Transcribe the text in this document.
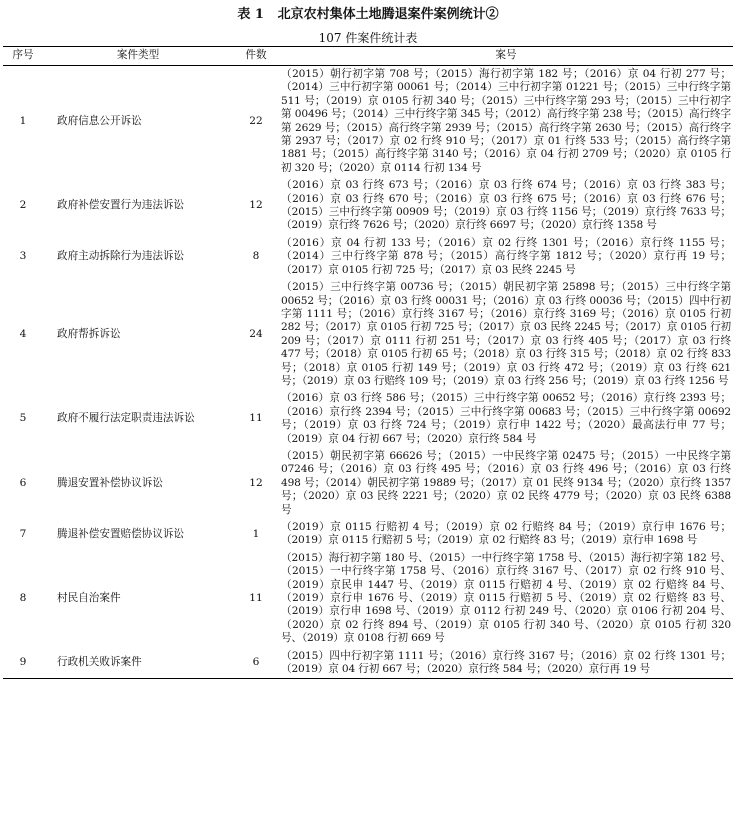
表 1 北京农村集体土地腾退案件案例统计②
107 件案件统计表
序号	案件类型	件数	案号
1	政府信息公开诉讼	22	（2015）朝行初字第 708 号；（2015）海行初字第 182 号；（2016）京 04 行初 277 号；（2014）三中行初字第 00061 号；（2014）三中行初字第 01221 号；（2015）三中行终字第 511 号；（2019）京 0105 行初 340 号；（2015）三中行终字第 293 号；（2015）三中行初字第 00496 号；（2014）三中行终字第 345 号；（2012）高行终字第 238 号；（2015）高行终字第 2629 号；（2015）高行终字第 2939 号；（2015）高行终字第 2630 号；（2015）高行终字第 2937 号；（2017）京 02 行终 910 号；（2017）京 01 行终 533 号；（2015）高行终字第 1881 号；（2015）高行终字第 3140 号；（2016）京 04 行初 2709 号；（2020）京 0105 行初 320 号；（2020）京 0114 行初 134 号
2	政府补偿安置行为违法诉讼	12	（2016）京 03 行终 673 号；（2016）京 03 行终 674 号；（2016）京 03 行终 383 号；（2016）京 03 行终 670 号；（2016）京 03 行终 675 号；（2016）京 03 行终 676 号；（2015）三中行终字第 00909 号；（2019）京 03 行终 1156 号；（2019）京行终 7633 号；（2019）京行终 7626 号；（2020）京行终 6697 号；（2020）京行终 1358 号
3	政府主动拆除行为违法诉讼	8	（2016）京 04 行初 133 号；（2016）京 02 行终 1301 号；（2016）京行终 1155 号；（2014）三中行终字第 878 号；（2015）高行终字第 1812 号；（2020）京行再 19 号；（2017）京 0105 行初 725 号；（2017）京 03 民终 2245 号
4	政府帮拆诉讼	24	（2015）三中行终字第 00736 号；（2015）朝民初字第 25898 号；（2015）三中行终字第 00652 号；（2016）京 03 行终 00031 号；（2016）京 03 行终 00036 号；（2015）四中行初字第 1111 号；（2016）京行终 3167 号；（2016）京行终 3169 号；（2016）京 0105 行初 282 号；（2017）京 0105 行初 725 号；（2017）京 03 民终 2245 号；（2017）京 0105 行初 209 号；（2017）京 0111 行初 251 号；（2017）京 03 行终 405 号；（2017）京 03 行终 477 号；（2018）京 0105 行初 65 号；（2018）京 03 行终 315 号；（2018）京 02 行终 833 号；（2018）京 0105 行初 149 号；（2019）京 03 行终 472 号；（2019）京 03 行终 621 号；（2019）京 03 行赔终 109 号；（2019）京 03 行终 256 号；（2019）京 03 行终 1256 号
5	政府不履行法定职责违法诉讼	11	（2016）京 03 行终 586 号；（2015）三中行终字第 00652 号；（2016）京行终 2393 号；（2016）京行终 2394 号；（2015）三中行终字第 00683 号；（2015）三中行终字第 00692 号；（2019）京 03 行终 724 号；（2019）京行申 1422 号；（2020）最高法行申 77 号；（2019）京 04 行初 667 号；（2020）京行终 584 号
6	腾退安置补偿协议诉讼	12	（2015）朝民初字第 66626 号；（2015）一中民终字第 02475 号；（2015）一中民终字第 07246 号；（2016）京 03 行终 495 号；（2016）京 03 行终 496 号；（2016）京 03 行终 498 号；（2014）朝民初字第 19889 号；（2017）京 01 民终 9134 号；（2020）京行终 1357 号；（2020）京 03 民终 2221 号；（2020）京 02 民终 4779 号；（2020）京 03 民终 6388 号
7	腾退补偿安置赔偿协议诉讼	1	（2019）京 0115 行赔初 4 号；（2019）京 02 行赔终 84 号；（2019）京行申 1676 号；（2019）京 0115 行赔初 5 号；（2019）京 02 行赔终 83 号；（2019）京行申 1698 号
8	村民自治案件	11	（2015）海行初字第 180 号、（2015）一中行终字第 1758 号、（2015）海行初字第 182 号、（2015）一中行终字第 1758 号、（2016）京行终 3167 号、（2017）京 02 行终 910 号、（2019）京民申 1447 号、（2019）京 0115 行赔初 4 号、（2019）京 02 行赔终 84 号、（2019）京行申 1676 号、（2019）京 0115 行赔初 5 号、（2019）京 02 行赔终 83 号、（2019）京行申 1698 号、（2019）京 0112 行初 249 号、（2020）京 0106 行初 204 号、（2020）京 02 行终 894 号、（2019）京 0105 行初 340 号、（2020）京 0105 行初 320 号、（2019）京 0108 行初 669 号
9	行政机关败诉案件	6	（2015）四中行初字第 1111 号；（2016）京行终 3167 号；（2016）京 02 行终 1301 号；（2019）京 04 行初 667 号；（2020）京行终 584 号；（2020）京行再 19 号
